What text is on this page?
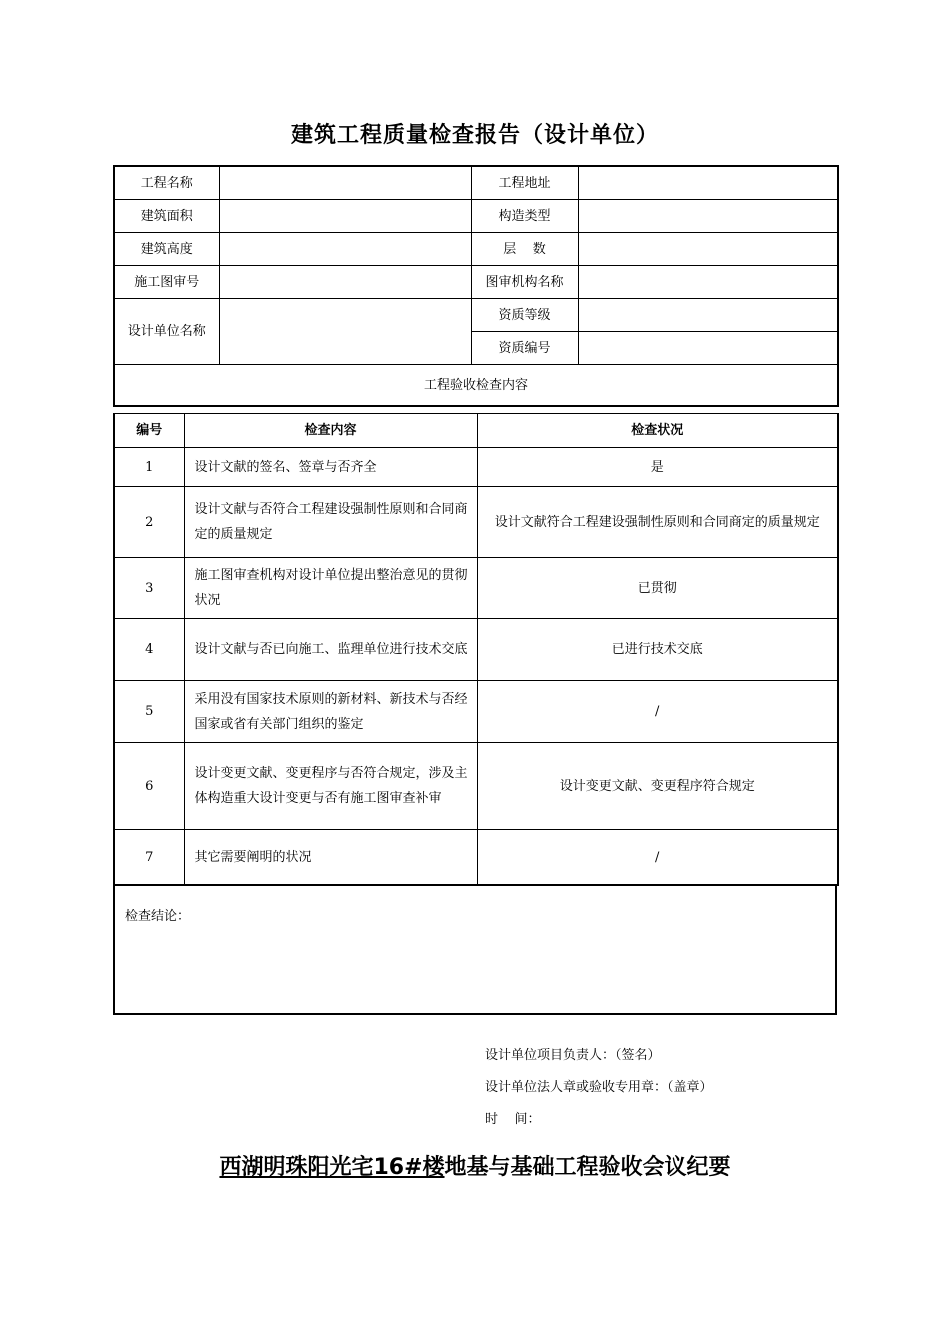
建筑工程质量检查报告（设计单位）
工程名称		工程地址	
建筑面积		构造类型	
建筑高度		层    数	
施工图审号		图审机构名称	
设计单位名称		资质等级	
		资质编号	
工程验收检查内容			
编号	检查内容	检查状况
1	设计文献的签名、签章与否齐全	是
2	设计文献与否符合工程建设强制性原则和合同商定的质量规定	设计文献符合工程建设强制性原则和合同商定的质量规定
3	施工图审查机构对设计单位提出整治意见的贯彻状况	已贯彻
4	设计文献与否已向施工、监理单位进行技术交底	已进行技术交底
5	采用没有国家技术原则的新材料、新技术与否经国家或省有关部门组织的鉴定	/
6	设计变更文献、变更程序与否符合规定，涉及主体构造重大设计变更与否有施工图审查补审	设计变更文献、变更程序符合规定
7	其它需要阐明的状况	/
检查结论：
设计单位项目负责人：（签名）
设计单位法人章或验收专用章：（盖章）
时    间：
西湖明珠阳光宅16#楼地基与基础工程验收会议纪要
